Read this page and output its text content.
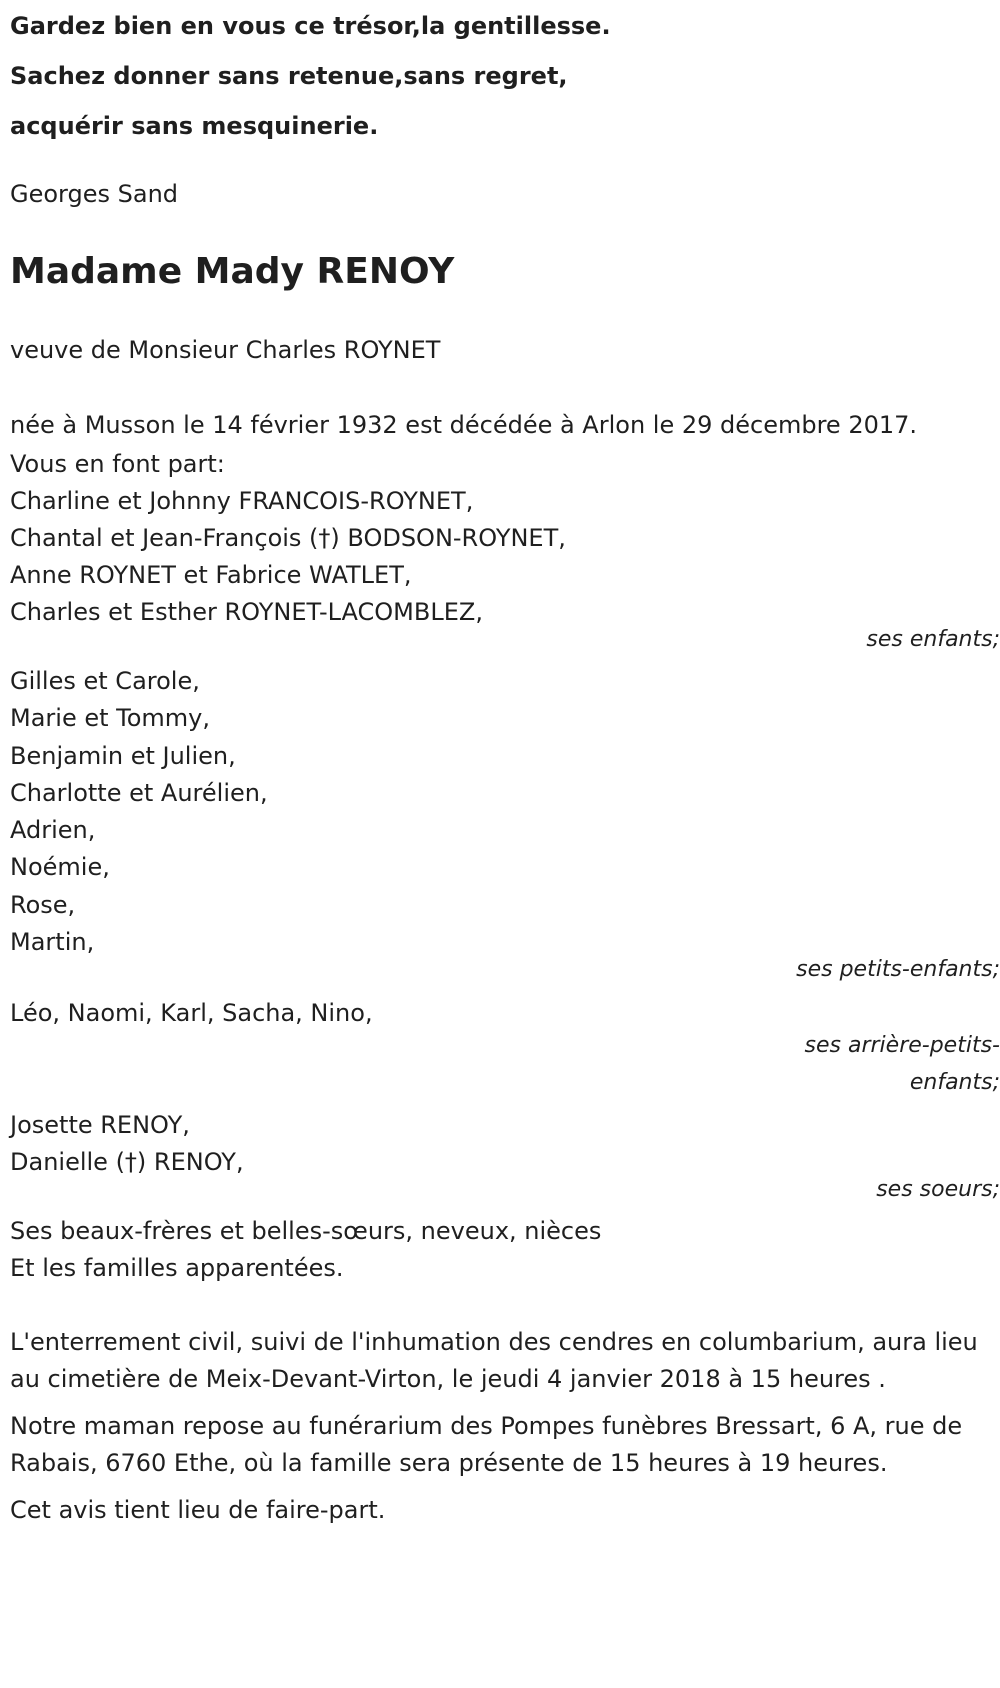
Gardez bien en vous ce trésor,la gentillesse.
Sachez donner sans retenue,sans regret,
acquérir sans mesquinerie.
Georges Sand
Madame Mady RENOY
veuve de Monsieur Charles ROYNET
née à Musson le 14 février 1932 est décédée à Arlon le 29 décembre 2017.
Vous en font part:
Charline et Johnny FRANCOIS-ROYNET,
Chantal et Jean-François (†) BODSON-ROYNET,
Anne ROYNET et Fabrice WATLET,
Charles et Esther ROYNET-LACOMBLEZ,
ses enfants;
Gilles et Carole,
Marie et Tommy,
Benjamin et Julien,
Charlotte et Aurélien,
Adrien,
Noémie,
Rose,
Martin,
ses petits-enfants;
Léo, Naomi, Karl, Sacha, Nino,
ses arrière-petits-
enfants;
Josette RENOY,
Danielle (†) RENOY,
ses soeurs;
Ses beaux-frères et belles-sœurs, neveux, nièces
Et les familles apparentées.
L'enterrement civil, suivi de l'inhumation des cendres en columbarium, aura lieu au cimetière de Meix-Devant-Virton, le jeudi 4 janvier 2018 à 15 heures .
Notre maman repose au funérarium des Pompes funèbres Bressart, 6 A, rue de Rabais, 6760 Ethe, où la famille sera présente de 15 heures à 19 heures.
Cet avis tient lieu de faire-part.
